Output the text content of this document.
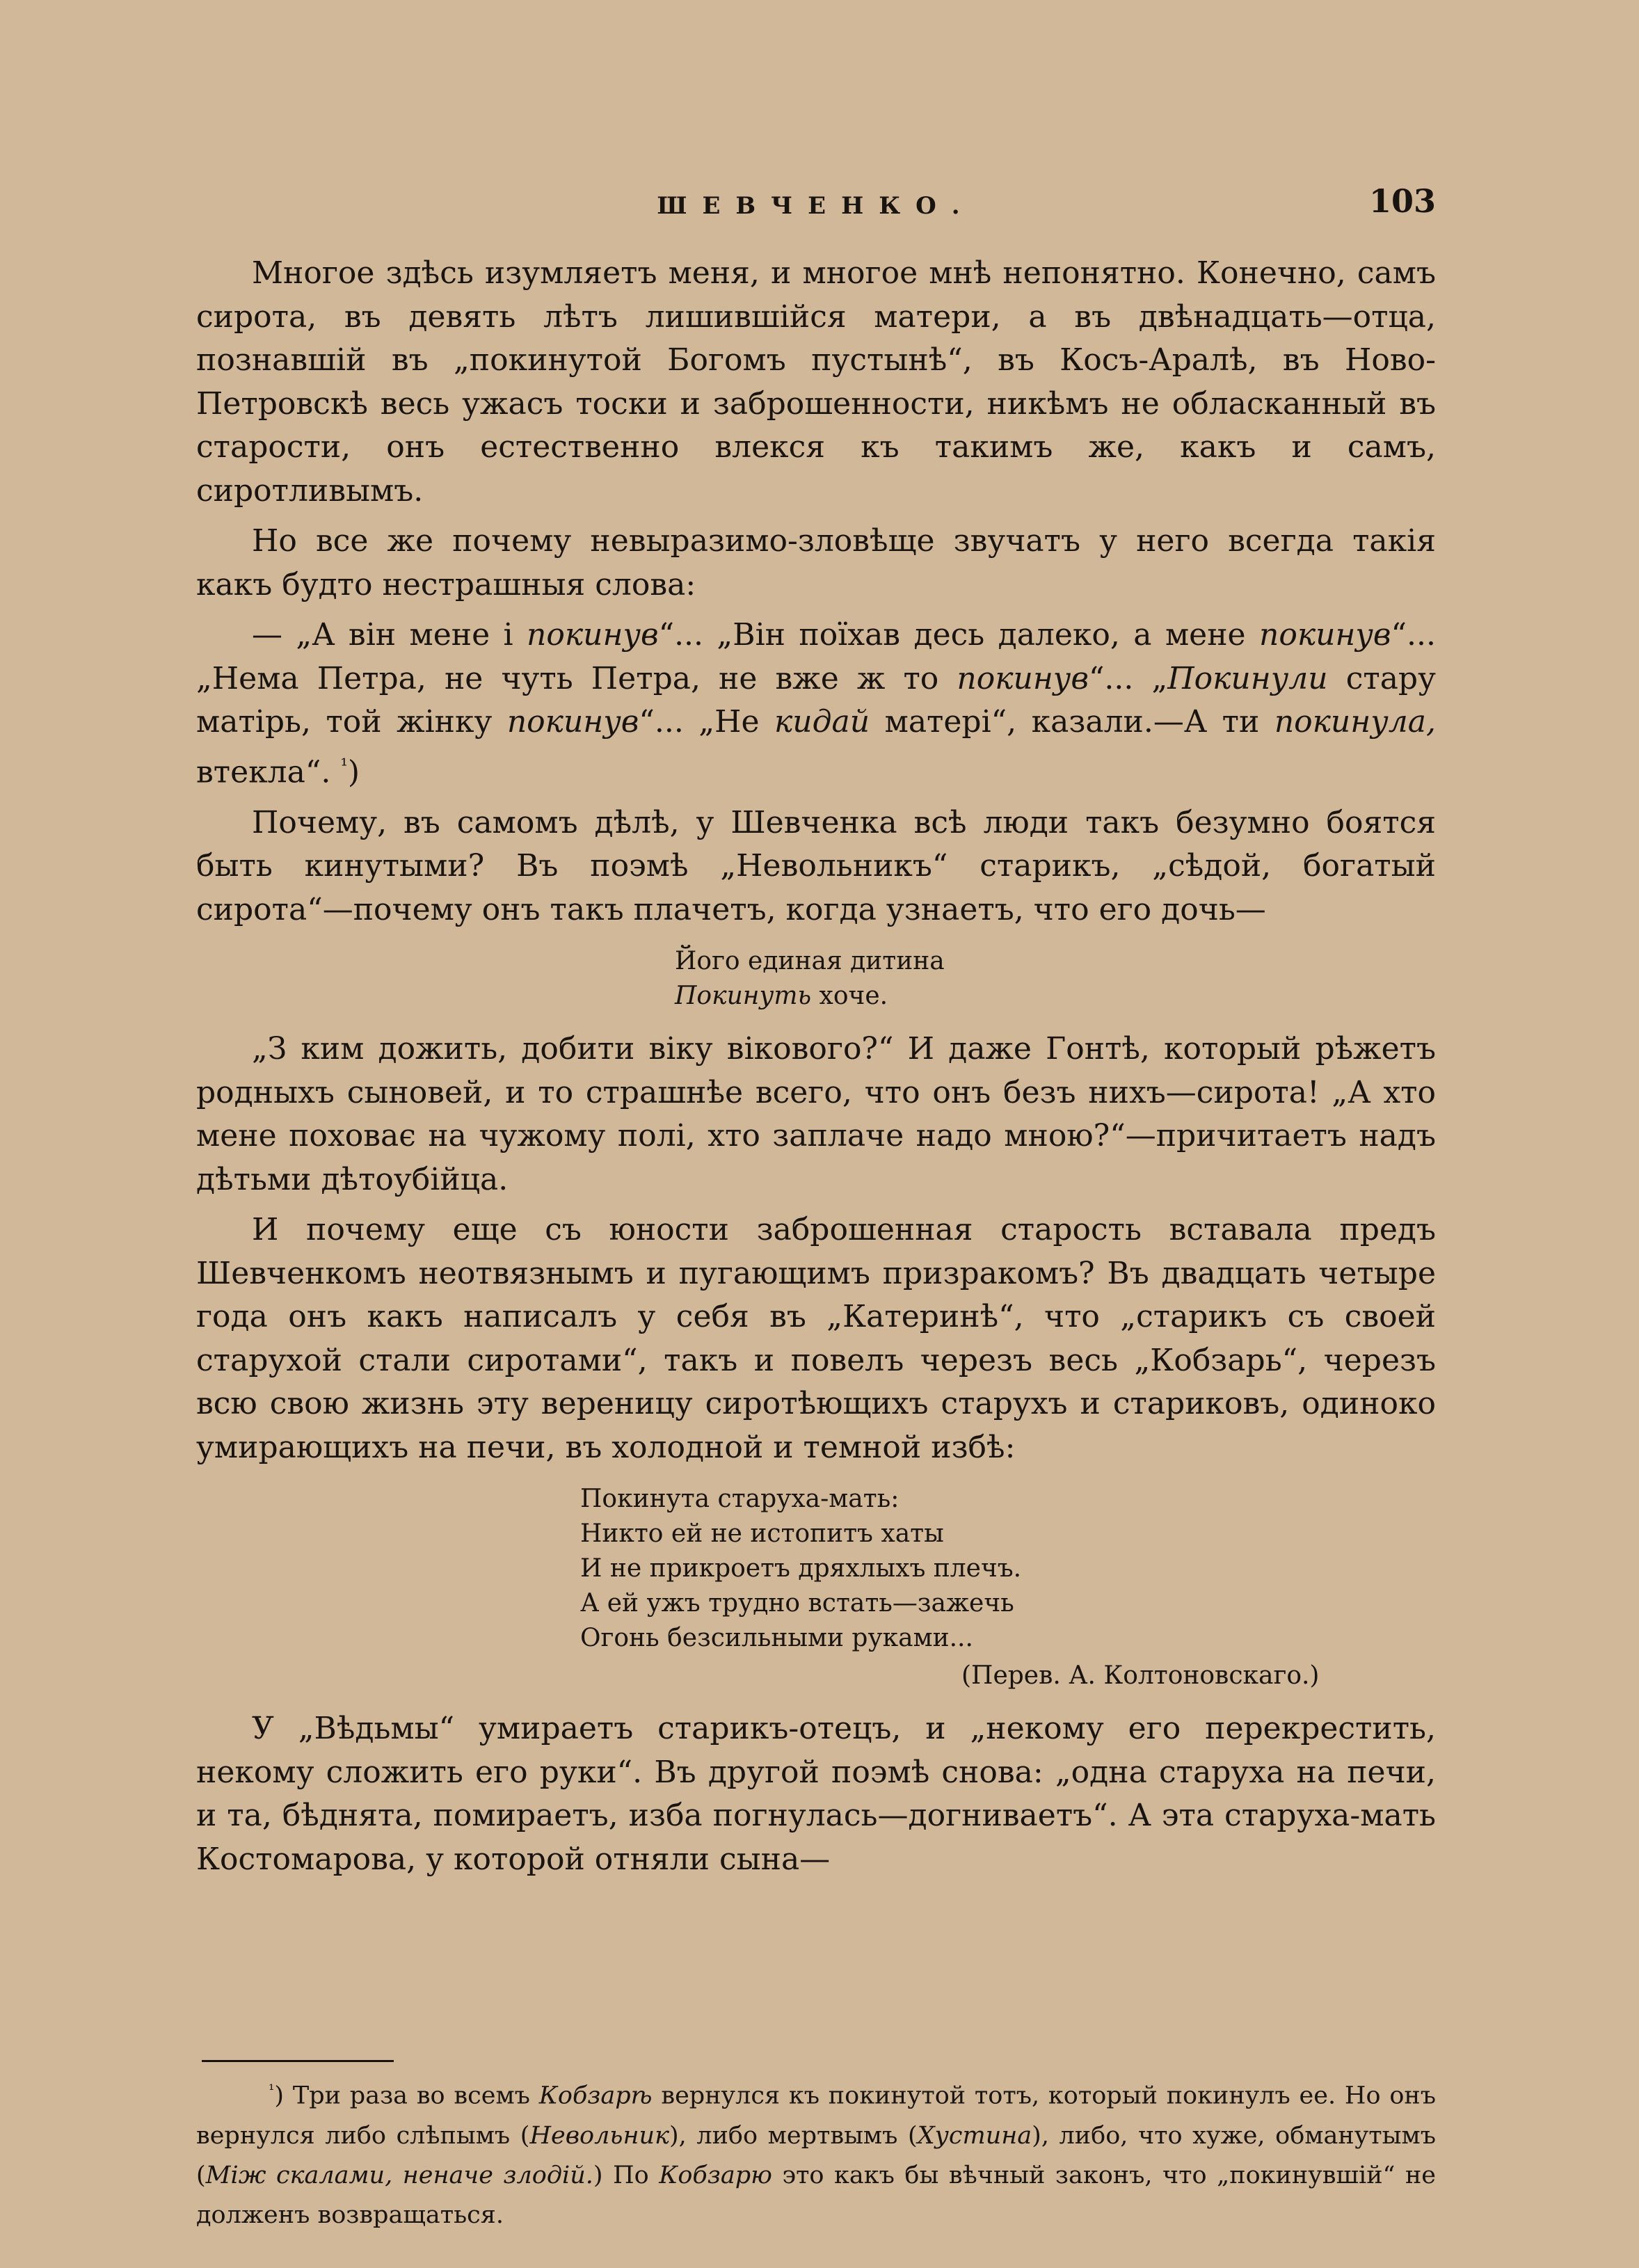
ШЕВЧЕНКО.	103

Многое здѣсь изумляетъ меня, и многое мнѣ непонятно. Конечно, самъ сирота, въ девять лѣтъ лишившійся матери, а въ двѣнадцать—отца, познавшій въ „покинутой Богомъ пустынѣ“, въ Косъ-Аралѣ, въ Ново-Петровскѣ весь ужасъ тоски и заброшенности, никѣмъ не обласканный въ старости, онъ естественно влекся къ такимъ же, какъ и самъ, сиротливымъ.

Но все же почему невыразимо-зловѣще звучатъ у него всегда такія какъ будто нестрашныя слова:

— „А він мене і покинув“... „Він поїхав десь далеко, а мене покинув“... „Нема Петра, не чуть Петра, не вже ж то покинув“... „Покинули стару матірь, той жінку покинув“... „Не кидай матері“, казали.—А ти покинула, втекла“. $^{^1}$)

Почему, въ самомъ дѣлѣ, у Шевченка всѣ люди такъ безумно боятся быть кинутыми? Въ поэмѣ „Невольникъ“ старикъ, „сѣдой, богатый сирота“—почему онъ такъ плачетъ, когда узнаетъ, что его дочь—

Його единая дитина
Покинуть хоче.

„З ким дожить, добити віку вікового?“ И даже Гонтѣ, который рѣжетъ родныхъ сыновей, и то страшнѣе всего, что онъ безъ нихъ—сирота! „А хто мене поховає на чужому полі, хто заплаче надо мною?“—причитаетъ надъ дѣтьми дѣтоубійца.

И почему еще съ юности заброшенная старость вставала предъ Шевченкомъ неотвязнымъ и пугающимъ призракомъ? Въ двадцать четыре года онъ какъ написалъ у себя въ „Катеринѣ“, что „старикъ съ своей старухой стали сиротами“, такъ и повелъ черезъ весь „Кобзарь“, черезъ всю свою жизнь эту вереницу сиротѣющихъ старухъ и стариковъ, одиноко умирающихъ на печи, въ холодной и темной избѣ:

Покинута старуха-мать:
Никто ей не истопитъ хаты
И не прикроетъ дряхлыхъ плечъ.
А ей ужъ трудно встать—зажечь
Огонь безсильными руками...
(Перев. А. Колтоновскаго.)

У „Вѣдьмы“ умираетъ старикъ-отецъ, и „некому его перекрестить, некому сложить его руки“. Въ другой поэмѣ снова: „одна старуха на печи, и та, бѣднята, помираетъ, изба погнулась—догниваетъ“. А эта старуха-мать Костомарова, у которой отняли сына—

$^{^1}$) Три раза во всемъ Кобзарѣ вернулся къ покинутой тотъ, который покинулъ ее. Но онъ вернулся либо слѣпымъ (Невольник), либо мертвымъ (Хустина), либо, что хуже, обманутымъ (Між скалами, неначе злодій.) По Кобзарю это какъ бы вѣчный законъ, что „покинувшій“ не долженъ возвращаться.
